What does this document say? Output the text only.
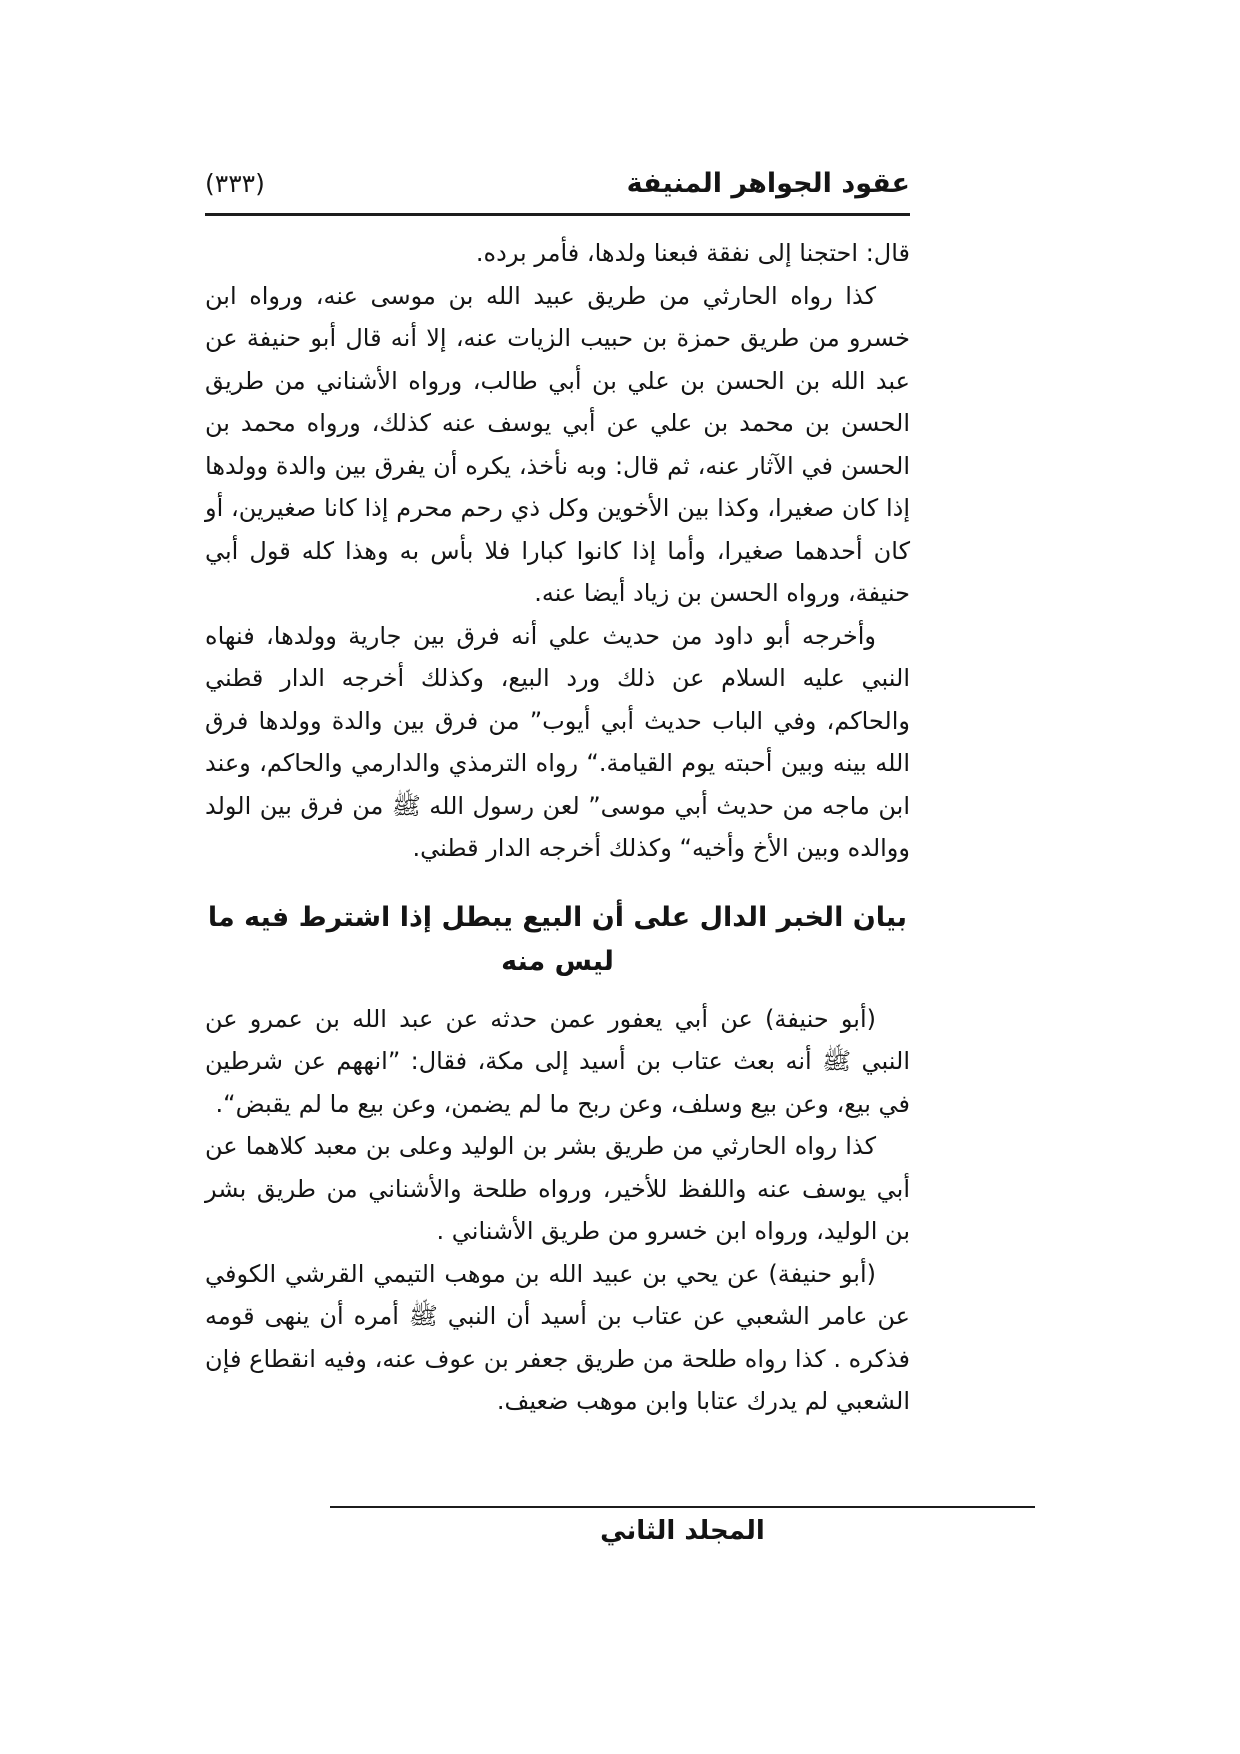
عقود الجواهر المنيفة
(٣٣٣)

قال: احتجنا إلى نفقة فبعنا ولدها، فأمر برده.

كذا رواه الحارثي من طريق عبيد الله بن موسى عنه، ورواه ابن خسرو من طريق حمزة بن حبيب الزيات عنه، إلا أنه قال أبو حنيفة عن عبد الله بن الحسن بن علي بن أبي طالب، ورواه الأشناني من طريق الحسن بن محمد بن علي عن أبي يوسف عنه كذلك، ورواه محمد بن الحسن في الآثار عنه، ثم قال: وبه نأخذ، يكره أن يفرق بين والدة وولدها إذا كان صغيرا، وكذا بين الأخوين وكل ذي رحم محرم إذا كانا صغيرين، أو كان أحدهما صغيرا، وأما إذا كانوا كبارا فلا بأس به وهذا كله قول أبي حنيفة، ورواه الحسن بن زياد أيضا عنه.

وأخرجه أبو داود من حديث علي أنه فرق بين جارية وولدها، فنهاه النبي عليه السلام عن ذلك ورد البيع، وكذلك أخرجه الدار قطني والحاكم، وفي الباب حديث أبي أيوب” من فرق بين والدة وولدها فرق الله بينه وبين أحبته يوم القيامة.“ رواه الترمذي والدارمي والحاكم، وعند ابن ماجه من حديث أبي موسى” لعن رسول الله ﷺ من فرق بين الولد ووالده وبين الأخ وأخيه“ وكذلك أخرجه الدار قطني.

بيان الخبر الدال على أن البيع يبطل إذا اشترط فيه ما ليس منه

(أبو حنيفة) عن أبي يعفور عمن حدثه عن عبد الله بن عمرو عن النبي ﷺ أنه بعث عتاب بن أسيد إلى مكة، فقال: ”انههم عن شرطين في بيع، وعن بيع وسلف، وعن ربح ما لم يضمن، وعن بيع ما لم يقبض“.

كذا رواه الحارثي من طريق بشر بن الوليد وعلى بن معبد كلاهما عن أبي يوسف عنه واللفظ للأخير، ورواه طلحة والأشناني من طريق بشر بن الوليد، ورواه ابن خسرو من طريق الأشناني .

(أبو حنيفة) عن يحي بن عبيد الله بن موهب التيمي القرشي الكوفي عن عامر الشعبي عن عتاب بن أسيد أن النبي ﷺ أمره أن ينهى قومه فذكره . كذا رواه طلحة من طريق جعفر بن عوف عنه، وفيه انقطاع فإن الشعبي لم يدرك عتابا وابن موهب ضعيف.

المجلد الثاني
